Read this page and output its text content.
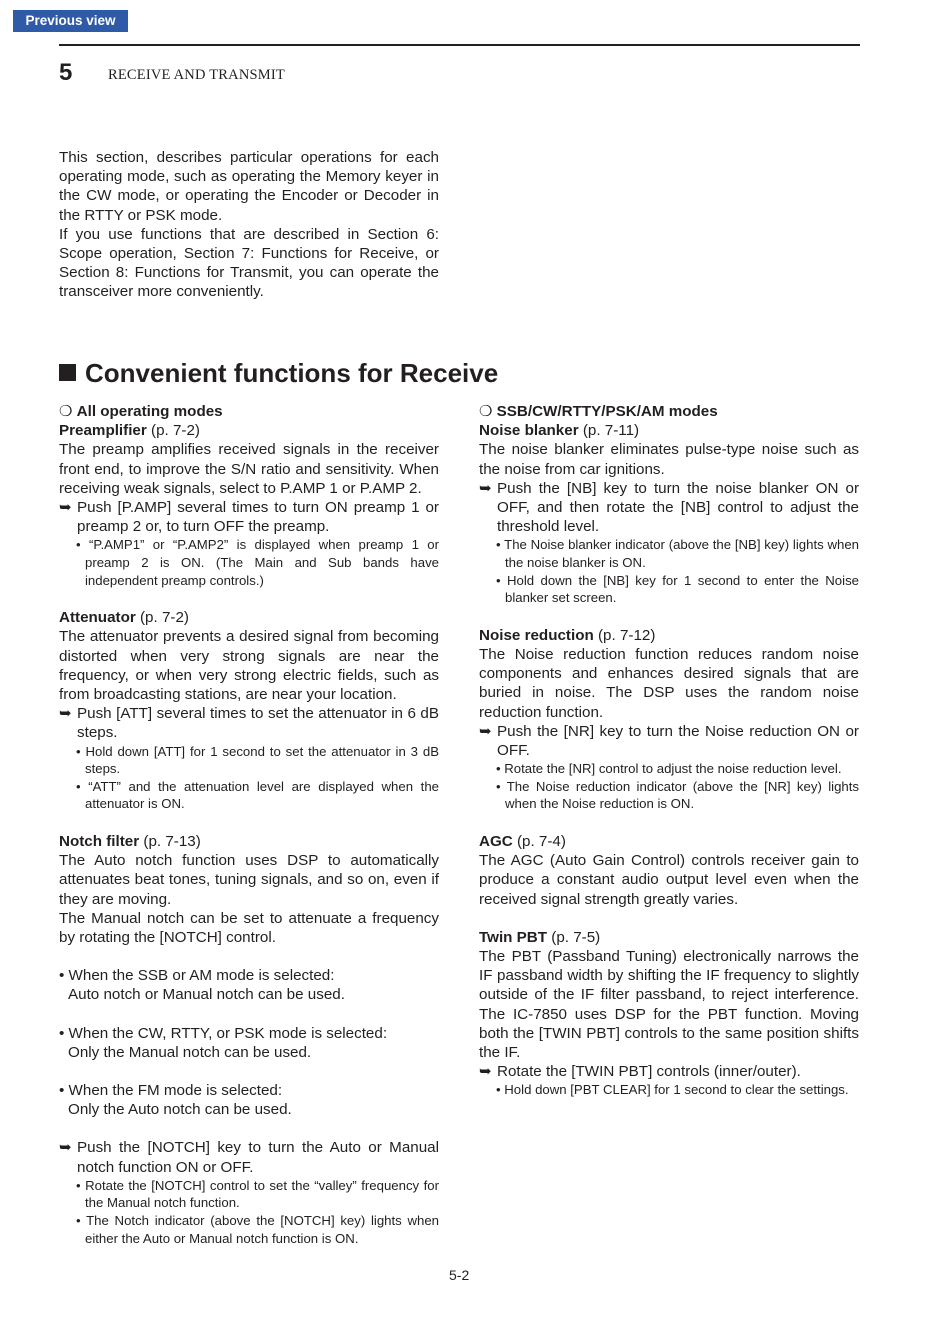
Previous view
5 RECEIVE AND TRANSMIT

This section, describes particular operations for each operating mode, such as operating the Memory keyer in the CW mode, or operating the Encoder or Decoder in the RTTY or PSK mode.

If you use functions that are described in Section 6: Scope operation, Section 7: Functions for Receive, or Section 8: Functions for Transmit, you can operate the transceiver more conveniently.

Convenient functions for Receive

❍ All operating modes

Preamplifier (p. 7-2)

The preamp amplifies received signals in the receiver front end, to improve the S/N ratio and sensitivity. When receiving weak signals, select to P.AMP 1 or P.AMP 2.

➥ Push [P.AMP] several times to turn ON preamp 1 or preamp 2 or, to turn OFF the preamp.

• “P.AMP1” or “P.AMP2” is displayed when preamp 1 or preamp 2 is ON. (The Main and Sub bands have independent preamp controls.)

Attenuator (p. 7-2)

The attenuator prevents a desired signal from becoming distorted when very strong signals are near the frequency, or when very strong electric fields, such as from broadcasting stations, are near your location.

➥ Push [ATT] several times to set the attenuator in 6 dB steps.

• Hold down [ATT] for 1 second to set the attenuator in 3 dB steps.

• “ATT” and the attenuation level are displayed when the attenuator is ON.

Notch filter (p. 7-13)

The Auto notch function uses DSP to automatically attenuates beat tones, tuning signals, and so on, even if they are moving.

The Manual notch can be set to attenuate a frequency by rotating the [NOTCH] control.

• When the SSB or AM mode is selected:

Auto notch or Manual notch can be used.

• When the CW, RTTY, or PSK mode is selected:

Only the Manual notch can be used.

• When the FM mode is selected:

Only the Auto notch can be used.

➥ Push the [NOTCH] key to turn the Auto or Manual notch function ON or OFF.

• Rotate the [NOTCH] control to set the “valley” frequency for the Manual notch function.

• The Notch indicator (above the [NOTCH] key) lights when either the Auto or Manual notch function is ON.

❍ SSB/CW/RTTY/PSK/AM modes

Noise blanker (p. 7-11)

The noise blanker eliminates pulse-type noise such as the noise from car ignitions.

➥ Push the [NB] key to turn the noise blanker ON or OFF, and then rotate the [NB] control to adjust the threshold level.

• The Noise blanker indicator (above the [NB] key) lights when the noise blanker is ON.

• Hold down the [NB] key for 1 second to enter the Noise blanker set screen.

Noise reduction (p. 7-12)

The Noise reduction function reduces random noise components and enhances desired signals that are buried in noise. The DSP uses the random noise reduction function.

➥ Push the [NR] key to turn the Noise reduction ON or OFF.

• Rotate the [NR] control to adjust the noise reduction level.

• The Noise reduction indicator (above the [NR] key) lights when the Noise reduction is ON.

AGC (p. 7-4)

The AGC (Auto Gain Control) controls receiver gain to produce a constant audio output level even when the received signal strength greatly varies.

Twin PBT (p. 7-5)

The PBT (Passband Tuning) electronically narrows the IF passband width by shifting the IF frequency to slightly outside of the IF filter passband, to reject interference. The IC-7850 uses DSP for the PBT function. Moving both the [TWIN PBT] controls to the same position shifts the IF.

➥ Rotate the [TWIN PBT] controls (inner/outer).

• Hold down [PBT CLEAR] for 1 second to clear the settings.

5-2
